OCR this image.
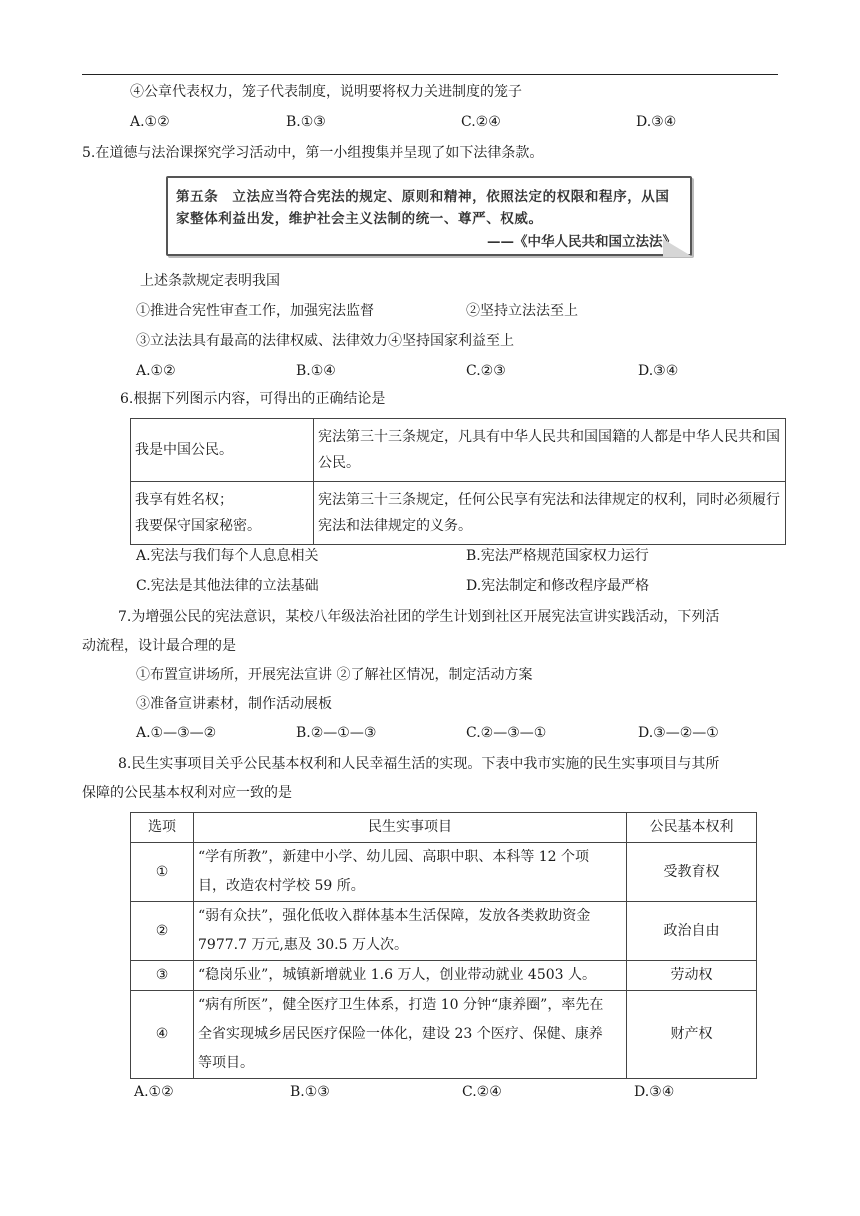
④公章代表权力，笼子代表制度，说明要将权力关进制度的笼子
A.①②	B.①③	C.②④	D.③④
5.在道德与法治课探究学习活动中，第一小组搜集并呈现了如下法律条款。
第五条　立法应当符合宪法的规定、原则和精神，依照法定的权限和程序，从国家整体利益出发，维护社会主义法制的统一、尊严、权威。
——《中华人民共和国立法法》
上述条款规定表明我国
①推进合宪性审查工作，加强宪法监督	②坚持立法法至上
③立法法具有最高的法律权威、法律效力④坚持国家利益至上
A.①②	B.①④	C.②③	D.③④
6.根据下列图示内容，可得出的正确结论是
我是中国公民。	宪法第三十三条规定，凡具有中华人民共和国国籍的人都是中华人民共和国公民。

我享有姓名权；
我要保守国家秘密。	宪法第三十三条规定，任何公民享有宪法和法律规定的权利，同时必须履行宪法和法律规定的义务。
A.宪法与我们每个人息息相关	B.宪法严格规范国家权力运行
C.宪法是其他法律的立法基础	D.宪法制定和修改程序最严格
7.为增强公民的宪法意识，某校八年级法治社团的学生计划到社区开展宪法宣讲实践活动，下列活
动流程，设计最合理的是
①布置宣讲场所，开展宪法宣讲 ②了解社区情况，制定活动方案
③准备宣讲素材，制作活动展板
A.①—③—②	B.②—①—③	C.②—③—①	D.③—②—①
8.民生实事项目关乎公民基本权利和人民幸福生活的实现。下表中我市实施的民生实事项目与其所
保障的公民基本权利对应一致的是
选项	民生实事项目	公民基本权利
①	“学有所教”，新建中小学、幼儿园、高职中职、本科等 12 个项
目，改造农村学校 59 所。	受教育权
②	“弱有众扶”，强化低收入群体基本生活保障，发放各类救助资金
7977.7 万元,惠及 30.5 万人次。	政治自由
③	“稳岗乐业”，城镇新增就业 1.6 万人，创业带动就业 4503 人。	劳动权
④	“病有所医”，健全医疗卫生体系，打造 10 分钟“康养圈”，率先在
全省实现城乡居民医疗保险一体化，建设 23 个医疗、保健、康养
等项目。	财产权
A.①②	B.①③	C.②④	D.③④
